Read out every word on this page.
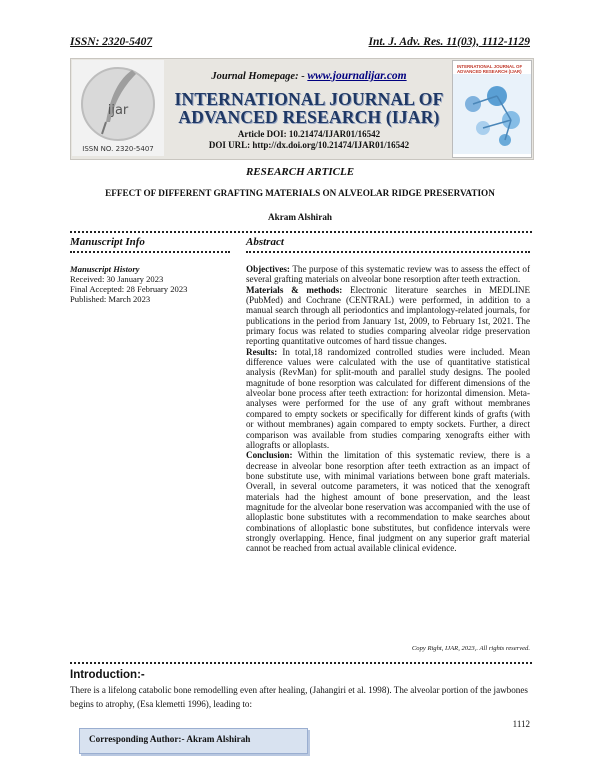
ISSN: 2320-5407	Int. J. Adv. Res. 11(03), 1112-1129
ijar
ISSN NO. 2320-5407
INTERNATIONAL JOURNAL OF ADVANCED RESEARCH (IJAR)
Journal Homepage: - www.journalijar.com
INTERNATIONAL JOURNAL OF
ADVANCED RESEARCH (IJAR)
Article DOI: 10.21474/IJAR01/16542
DOI URL: http://dx.doi.org/10.21474/IJAR01/16542
RESEARCH ARTICLE
EFFECT OF DIFFERENT GRAFTING MATERIALS ON ALVEOLAR RIDGE PRESERVATION
Akram Alshirah
Manuscript Info	Abstract
Manuscript History
Received: 30 January 2023
Final Accepted: 28 February 2023
Published: March 2023

Objectives: The purpose of this systematic review was to assess the effect of several grafting materials on alveolar bone resorption after teeth extraction.

Materials & methods: Electronic literature searches in MEDLINE (PubMed) and Cochrane (CENTRAL) were performed, in addition to a manual search through all periodontics and implantology-related journals, for publications in the period from January 1st, 2009, to February 1st, 2021. The primary focus was related to studies comparing alveolar ridge preservation reporting quantitative outcomes of hard tissue changes.

Results: In total,18 randomized controlled studies were included. Mean difference values were calculated with the use of quantitative statistical analysis (RevMan) for split-mouth and parallel study designs. The pooled magnitude of bone resorption was calculated for different dimensions of the alveolar bone process after teeth extraction: for horizontal dimension. Meta-analyses were performed for the use of any graft without membranes compared to empty sockets or specifically for different kinds of grafts (with or without membranes) again compared to empty sockets. Further, a direct comparison was available from studies comparing xenografts either with allografts or alloplasts.

Conclusion: Within the limitation of this systematic review, there is a decrease in alveolar bone resorption after teeth extraction as an impact of bone substitute use, with minimal variations between bone graft materials. Overall, in several outcome parameters, it was noticed that the xenograft materials had the highest amount of bone preservation, and the least magnitude for the alveolar bone reservation was accompanied with the use of alloplastic bone substitutes with a recommendation to make searches about combinations of alloplastic bone substitutes, but confidence intervals were strongly overlapping. Hence, final judgment on any superior graft material cannot be reached from actual available clinical evidence.

Copy Right, IJAR, 2023,. All rights reserved.
Introduction:-
There is a lifelong catabolic bone remodelling even after healing, (Jahangiri et al. 1998). The alveolar portion of the jawbones begins to atrophy, (Esa klemetti 1996), leading to:
1112
Corresponding Author:- Akram Alshirah
